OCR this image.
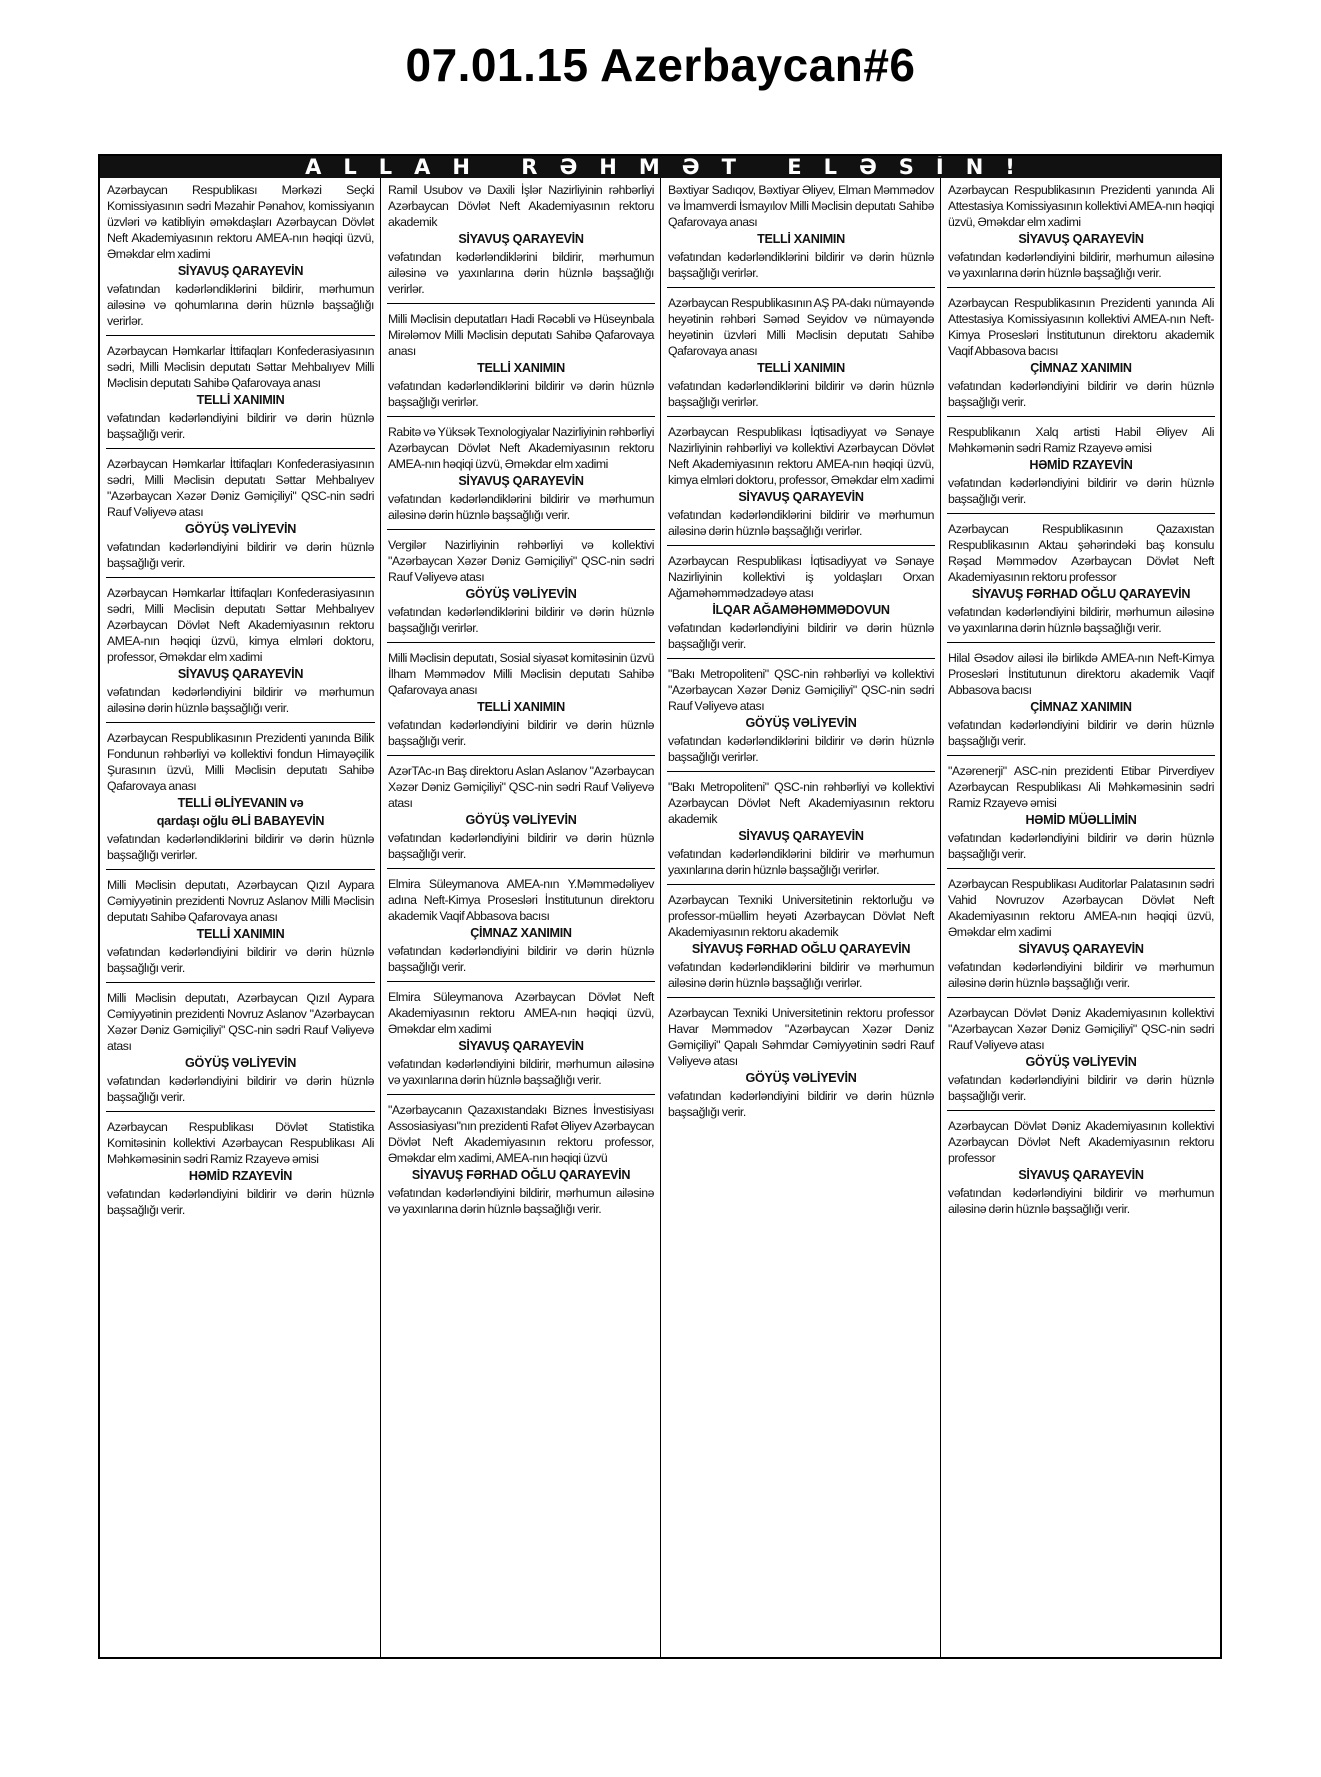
07.01.15 Azerbaycan#6
ALLAH RƏHMƏT ELƏSİN!

Azərbaycan Respublikası Mərkəzi Seçki Komissiyasının sədri Məzahir Pənahov, komissiyanın üzvləri və katibliyin əməkdaşları Azərbaycan Dövlət Neft Akademiyasının rektoru AMEA-nın həqiqi üzvü, Əməkdar elm xadimi

SİYAVUŞ QARAYEVİN

vəfatından kədərləndiklərini bildirir, mərhumun ailəsinə və qohumlarına dərin hüznlə başsağlığı verirlər.

Azərbaycan Həmkarlar İttifaqları Konfederasiyasının sədri, Milli Məclisin deputatı Səttar Mehbalıyev Milli Məclisin deputatı Sahibə Qafarovaya anası

TELLİ XANIMIN

vəfatından kədərləndiyini bildirir və dərin hüznlə başsağlığı verir.

Azərbaycan Həmkarlar İttifaqları Konfederasiyasının sədri, Milli Məclisin deputatı Səttar Mehbalıyev "Azərbaycan Xəzər Dəniz Gəmiçiliyi" QSC-nin sədri Rauf Vəliyevə atası

GÖYÜŞ VƏLİYEVİN

vəfatından kədərləndiyini bildirir və dərin hüznlə başsağlığı verir.

Azərbaycan Həmkarlar İttifaqları Konfederasiyasının sədri, Milli Məclisin deputatı Səttar Mehbalıyev Azərbaycan Dövlət Neft Akademiyasının rektoru AMEA-nın həqiqi üzvü, kimya elmləri doktoru, professor, Əməkdar elm xadimi

SİYAVUŞ QARAYEVİN

vəfatından kədərləndiyini bildirir və mərhumun ailəsinə dərin hüznlə başsağlığı verir.

Azərbaycan Respublikasının Prezidenti yanında Bilik Fondunun rəhbərliyi və kollektivi fondun Himayəçilik Şurasının üzvü, Milli Məclisin deputatı Sahibə Qafarovaya anası

TELLİ ƏLİYEVANIN və
qardaşı oğlu ƏLİ BABAYEVİN

vəfatından kədərləndiklərini bildirir və dərin hüznlə başsağlığı verirlər.

Milli Məclisin deputatı, Azərbaycan Qızıl Aypara Cəmiyyətinin prezidenti Novruz Aslanov Milli Məclisin deputatı Sahibə Qafarovaya anası

TELLİ XANIMIN

vəfatından kədərləndiyini bildirir və dərin hüznlə başsağlığı verir.

Milli Məclisin deputatı, Azərbaycan Qızıl Aypara Cəmiyyətinin prezidenti Novruz Aslanov "Azərbaycan Xəzər Dəniz Gəmiçiliyi" QSC-nin sədri Rauf Vəliyevə atası

GÖYÜŞ VƏLİYEVİN

vəfatından kədərləndiyini bildirir və dərin hüznlə başsağlığı verir.

Azərbaycan Respublikası Dövlət Statistika Komitəsinin kollektivi Azərbaycan Respublikası Ali Məhkəməsinin sədri Ramiz Rzayevə əmisi

HƏMİD RZAYEVİN

vəfatından kədərləndiyini bildirir və dərin hüznlə başsağlığı verir.

Ramil Usubov və Daxili İşlər Nazirliyinin rəhbərliyi Azərbaycan Dövlət Neft Akademiyasının rektoru akademik

SİYAVUŞ QARAYEVİN

vəfatından kədərləndiklərini bildirir, mərhumun ailəsinə və yaxınlarına dərin hüznlə başsağlığı verirlər.

Milli Məclisin deputatları Hadi Rəcəbli və Hüseynbala Mirələmov Milli Məclisin deputatı Sahibə Qafarovaya anası

TELLİ XANIMIN

vəfatından kədərləndiklərini bildirir və dərin hüznlə başsağlığı verirlər.

Rabitə və Yüksək Texnologiyalar Nazirliyinin rəhbərliyi Azərbaycan Dövlət Neft Akademiyasının rektoru AMEA-nın həqiqi üzvü, Əməkdar elm xadimi

SİYAVUŞ QARAYEVİN

vəfatından kədərləndiklərini bildirir və mərhumun ailəsinə dərin hüznlə başsağlığı verir.

Vergilər Nazirliyinin rəhbərliyi və kollektivi "Azərbaycan Xəzər Dəniz Gəmiçiliyi" QSC-nin sədri Rauf Vəliyevə atası

GÖYÜŞ VƏLİYEVİN

vəfatından kədərləndiklərini bildirir və dərin hüznlə başsağlığı verirlər.

Milli Məclisin deputatı, Sosial siyasət komitəsinin üzvü İlham Məmmədov Milli Məclisin deputatı Sahibə Qafarovaya anası

TELLİ XANIMIN

vəfatından kədərləndiyini bildirir və dərin hüznlə başsağlığı verir.

AzərTAc-ın Baş direktoru Aslan Aslanov "Azərbaycan Xəzər Dəniz Gəmiçiliyi" QSC-nin sədri Rauf Vəliyevə atası

GÖYÜŞ VƏLİYEVİN

vəfatından kədərləndiyini bildirir və dərin hüznlə başsağlığı verir.

Elmira Süleymanova AMEA-nın Y.Məmmədəliyev adına Neft-Kimya Prosesləri İnstitutunun direktoru akademik Vaqif Abbasova bacısı

ÇİMNAZ XANIMIN

vəfatından kədərləndiyini bildirir və dərin hüznlə başsağlığı verir.

Elmira Süleymanova Azərbaycan Dövlət Neft Akademiyasının rektoru AMEA-nın həqiqi üzvü, Əməkdar elm xadimi

SİYAVUŞ QARAYEVİN

vəfatından kədərləndiyini bildirir, mərhumun ailəsinə və yaxınlarına dərin hüznlə başsağlığı verir.

"Azərbaycanın Qazaxıstandakı Biznes İnvestisiyası Assosiasiyası"nın prezidenti Rafət Əliyev Azərbaycan Dövlət Neft Akademiyasının rektoru professor, Əməkdar elm xadimi, AMEA-nın həqiqi üzvü

SİYAVUŞ FƏRHAD OĞLU QARAYEVİN

vəfatından kədərləndiyini bildirir, mərhumun ailəsinə və yaxınlarına dərin hüznlə başsağlığı verir.

Bəxtiyar Sadıqov, Bəxtiyar Əliyev, Elman Məmmədov və İmamverdi İsmayılov Milli Məclisin deputatı Sahibə Qafarovaya anası

TELLİ XANIMIN

vəfatından kədərləndiklərini bildirir və dərin hüznlə başsağlığı verirlər.

Azərbaycan Respublikasının AŞ PA-dakı nümayəndə heyətinin rəhbəri Səməd Seyidov və nümayəndə heyətinin üzvləri Milli Məclisin deputatı Sahibə Qafarovaya anası

TELLİ XANIMIN

vəfatından kədərləndiklərini bildirir və dərin hüznlə başsağlığı verirlər.

Azərbaycan Respublikası İqtisadiyyat və Sənaye Nazirliyinin rəhbərliyi və kollektivi Azərbaycan Dövlət Neft Akademiyasının rektoru AMEA-nın həqiqi üzvü, kimya elmləri doktoru, professor, Əməkdar elm xadimi

SİYAVUŞ QARAYEVİN

vəfatından kədərləndiklərini bildirir və mərhumun ailəsinə dərin hüznlə başsağlığı verirlər.

Azərbaycan Respublikası İqtisadiyyat və Sənaye Nazirliyinin kollektivi iş yoldaşları Orxan Ağaməhəmmədzadəyə atası

İLQAR AĞAMƏHƏMMƏDOVUN

vəfatından kədərləndiyini bildirir və dərin hüznlə başsağlığı verir.

"Bakı Metropoliteni" QSC-nin rəhbərliyi və kollektivi "Azərbaycan Xəzər Dəniz Gəmiçiliyi" QSC-nin sədri Rauf Vəliyevə atası

GÖYÜŞ VƏLİYEVİN

vəfatından kədərləndiklərini bildirir və dərin hüznlə başsağlığı verirlər.

"Bakı Metropoliteni" QSC-nin rəhbərliyi və kollektivi Azərbaycan Dövlət Neft Akademiyasının rektoru akademik

SİYAVUŞ QARAYEVİN

vəfatından kədərləndiklərini bildirir və mərhumun yaxınlarına dərin hüznlə başsağlığı verirlər.

Azərbaycan Texniki Universitetinin rektorluğu və professor-müəllim heyəti Azərbaycan Dövlət Neft Akademiyasının rektoru akademik

SİYAVUŞ FƏRHAD OĞLU QARAYEVİN

vəfatından kədərləndiklərini bildirir və mərhumun ailəsinə dərin hüznlə başsağlığı verirlər.

Azərbaycan Texniki Universitetinin rektoru professor Havar Məmmədov "Azərbaycan Xəzər Dəniz Gəmiçiliyi" Qapalı Səhmdar Cəmiyyətinin sədri Rauf Vəliyevə atası

GÖYÜŞ VƏLİYEVİN

vəfatından kədərləndiyini bildirir və dərin hüznlə başsağlığı verir.

Azərbaycan Respublikasının Prezidenti yanında Ali Attestasiya Komissiyasının kollektivi AMEA-nın həqiqi üzvü, Əməkdar elm xadimi

SİYAVUŞ QARAYEVİN

vəfatından kədərləndiyini bildirir, mərhumun ailəsinə və yaxınlarına dərin hüznlə başsağlığı verir.

Azərbaycan Respublikasının Prezidenti yanında Ali Attestasiya Komissiyasının kollektivi AMEA-nın Neft-Kimya Prosesləri İnstitutunun direktoru akademik Vaqif Abbasova bacısı

ÇİMNAZ XANIMIN

vəfatından kədərləndiyini bildirir və dərin hüznlə başsağlığı verir.

Respublikanın Xalq artisti Habil Əliyev Ali Məhkəmənin sədri Ramiz Rzayevə əmisi

HƏMİD RZAYEVİN

vəfatından kədərləndiyini bildirir və dərin hüznlə başsağlığı verir.

Azərbaycan Respublikasının Qazaxıstan Respublikasının Aktau şəhərindəki baş konsulu Rəşad Məmmədov Azərbaycan Dövlət Neft Akademiyasının rektoru professor

SİYAVUŞ FƏRHAD OĞLU QARAYEVİN

vəfatından kədərləndiyini bildirir, mərhumun ailəsinə və yaxınlarına dərin hüznlə başsağlığı verir.

Hilal Əsədov ailəsi ilə birlikdə AMEA-nın Neft-Kimya Prosesləri İnstitutunun direktoru akademik Vaqif Abbasova bacısı

ÇİMNAZ XANIMIN

vəfatından kədərləndiyini bildirir və dərin hüznlə başsağlığı verir.

"Azərenerji" ASC-nin prezidenti Etibar Pirverdiyev Azərbaycan Respublikası Ali Məhkəməsinin sədri Ramiz Rzayevə əmisi

HƏMİD MÜƏLLİMİN

vəfatından kədərləndiyini bildirir və dərin hüznlə başsağlığı verir.

Azərbaycan Respublikası Auditorlar Palatasının sədri Vahid Novruzov Azərbaycan Dövlət Neft Akademiyasının rektoru AMEA-nın həqiqi üzvü, Əməkdar elm xadimi

SİYAVUŞ QARAYEVİN

vəfatından kədərləndiyini bildirir və mərhumun ailəsinə dərin hüznlə başsağlığı verir.

Azərbaycan Dövlət Dəniz Akademiyasının kollektivi "Azərbaycan Xəzər Dəniz Gəmiçiliyi" QSC-nin sədri Rauf Vəliyevə atası

GÖYÜŞ VƏLİYEVİN

vəfatından kədərləndiyini bildirir və dərin hüznlə başsağlığı verir.

Azərbaycan Dövlət Dəniz Akademiyasının kollektivi Azərbaycan Dövlət Neft Akademiyasının rektoru professor

SİYAVUŞ QARAYEVİN

vəfatından kədərləndiyini bildirir və mərhumun ailəsinə dərin hüznlə başsağlığı verir.
